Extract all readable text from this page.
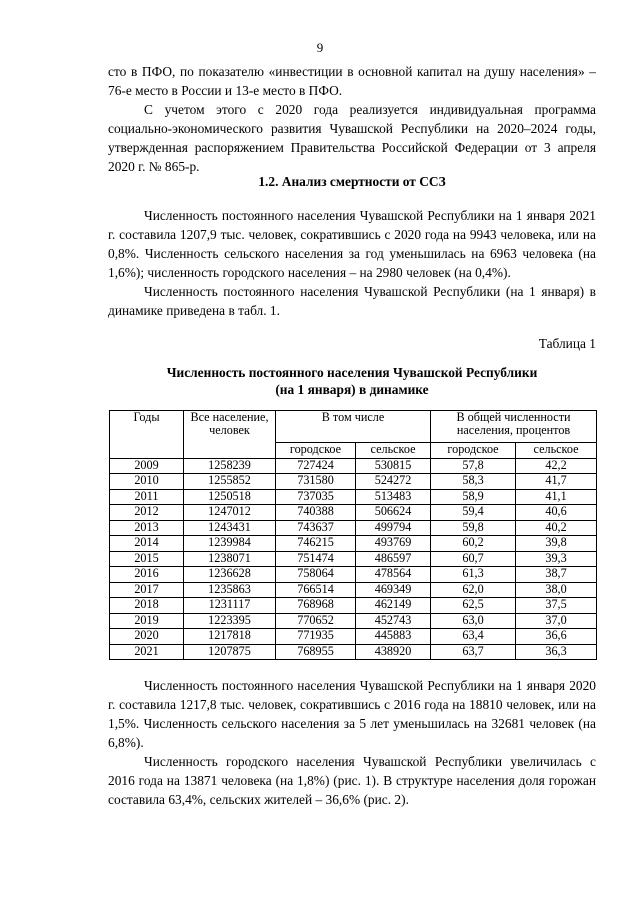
9

сто в ПФО, по показателю «инвестиции в основной капитал на душу населения» – 76-е место в России и 13-е место в ПФО.

С учетом этого с 2020 года реализуется индивидуальная программа социально-экономического развития Чувашской Республики на 2020–2024 годы, утвержденная распоряжением Правительства Российской Федерации от 3 апреля 2020 г. № 865-р.

1.2. Анализ смертности от ССЗ

Численность постоянного населения Чувашской Республики на 1 января 2021 г. составила 1207,9 тыс. человек, сократившись с 2020 года на 9943 человека, или на 0,8%. Численность сельского населения за год уменьшилась на 6963 человека (на 1,6%); численность городского населения – на 2980 человек (на 0,4%).

Численность постоянного населения Чувашской Республики (на 1 января) в динамике приведена в табл. 1.

Таблица 1
Численность постоянного населения Чувашской Республики
(на 1 января) в динамике
Годы	Все население, человек	В том числе		В общей численности населения, процентов	
		городское	сельское	городское	сельское
2009	1258239	727424	530815	57,8	42,2
2010	1255852	731580	524272	58,3	41,7
2011	1250518	737035	513483	58,9	41,1
2012	1247012	740388	506624	59,4	40,6
2013	1243431	743637	499794	59,8	40,2
2014	1239984	746215	493769	60,2	39,8
2015	1238071	751474	486597	60,7	39,3
2016	1236628	758064	478564	61,3	38,7
2017	1235863	766514	469349	62,0	38,0
2018	1231117	768968	462149	62,5	37,5
2019	1223395	770652	452743	63,0	37,0
2020	1217818	771935	445883	63,4	36,6
2021	1207875	768955	438920	63,7	36,3

Численность постоянного населения Чувашской Республики на 1 января 2020 г. составила 1217,8 тыс. человек, сократившись с 2016 года на 18810 человек, или на 1,5%. Численность сельского населения за 5 лет уменьшилась на 32681 человек (на 6,8%).

Численность городского населения Чувашской Республики увеличилась с 2016 года на 13871 человека (на 1,8%) (рис. 1). В структуре населения доля горожан составила 63,4%, сельских жителей – 36,6% (рис. 2).
